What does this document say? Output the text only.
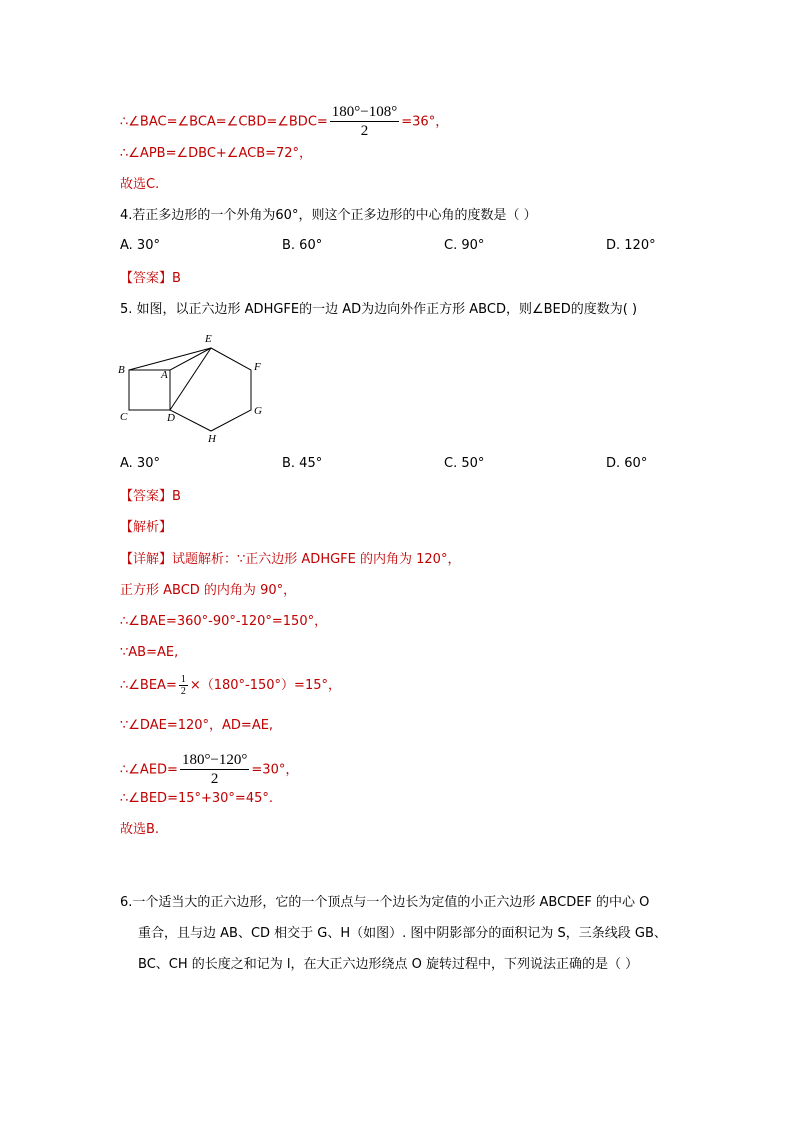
∴∠BAC=∠BCA=∠CBD=∠BDC= $\frac{180^\circ-108^\circ}{2} =36^\circ$，
∴∠APB=∠DBC+∠ACB=72°，
故选C.
4.若正多边形的一个外角为60°，则这个正多边形的中心角的度数是（ ）
A. 30°	B. 60°	C. 90°	D. 120°
【答案】B
5. 如图，以正六边形 ADHGFE的一边 AD为边向外作正方形 ABCD，则∠BED的度数为( )
E
F
B	A
G
C	D
H
A. 30°	B. 45°	C. 50°	D. 60°
【答案】B
【解析】
【详解】试题解析：∵正六边形 ADHGFE 的内角为 120°，
正方形 ABCD 的内角为 90°，
∴∠BAE=360°-90°-120°=150°，
∵AB=AE,
∴∠BEA= $\frac{1}{2} \times(180^\circ-150^\circ)=15^\circ$，
∵∠DAE=120°，AD=AE,
∴∠AED= $\frac{180^\circ-120^\circ}{2} =30^\circ$，
∴∠BED=15°+30°=45°.
故选B.
6.一个适当大的正六边形，它的一个顶点与一个边长为定值的小正六边形 ABCDEF 的中心 O
重合，且与边 AB、CD 相交于 G、H（如图）. 图中阴影部分的面积记为 S，三条线段 GB、
BC、CH 的长度之和记为 l，在大正六边形绕点 O 旋转过程中，下列说法正确的是（ ）
